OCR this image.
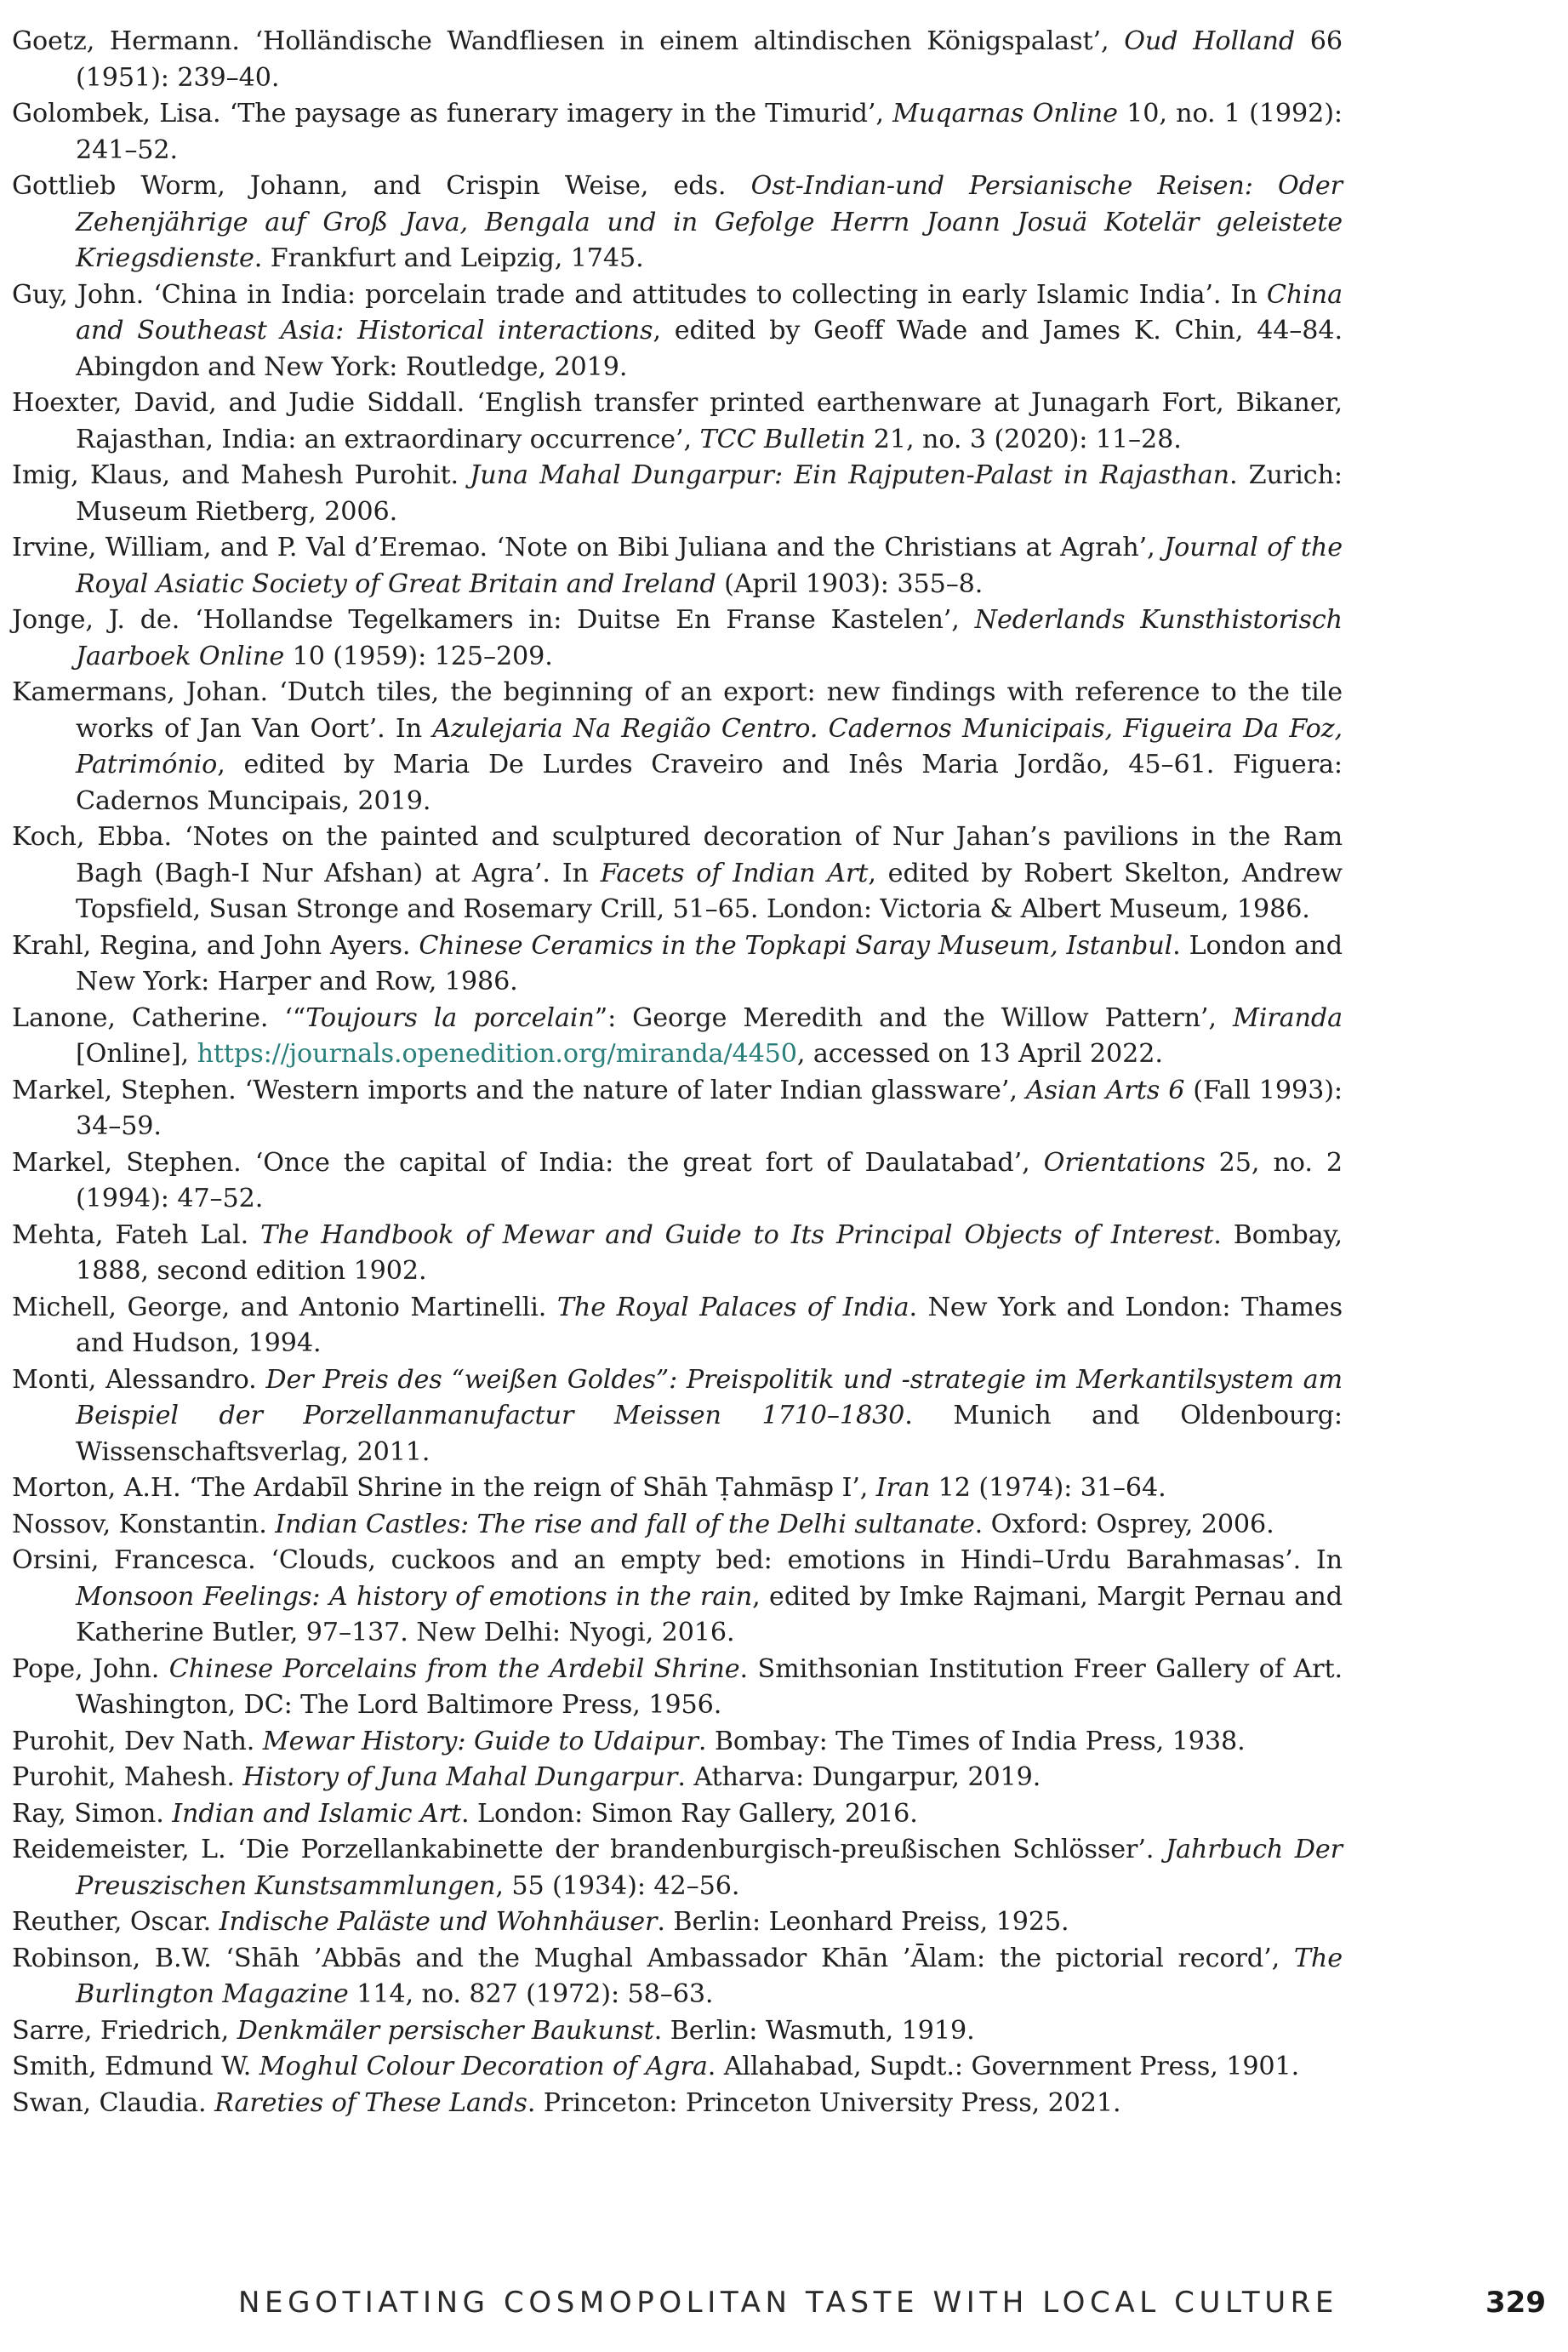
Goetz, Hermann. ‘Holländische Wandfliesen in einem altindischen Königspalast’, Oud Holland 66 (1951): 239–40.

Golombek, Lisa. ‘The paysage as funerary imagery in the Timurid’, Muqarnas Online 10, no. 1 (1992): 241–52.

Gottlieb Worm, Johann, and Crispin Weise, eds. Ost-Indian-und Persianische Reisen: Oder Zehenjährige auf Groß Java, Bengala und in Gefolge Herrn Joann Josuä Kotelär geleistete Kriegsdienste. Frankfurt and Leipzig, 1745.

Guy, John. ‘China in India: porcelain trade and attitudes to collecting in early Islamic India’. In China and Southeast Asia: Historical interactions, edited by Geoff Wade and James K. Chin, 44–84. Abingdon and New York: Routledge, 2019.

Hoexter, David, and Judie Siddall. ‘English transfer printed earthenware at Junagarh Fort, Bikaner, Rajasthan, India: an extraordinary occurrence’, TCC Bulletin 21, no. 3 (2020): 11–28.

Imig, Klaus, and Mahesh Purohit. Juna Mahal Dungarpur: Ein Rajputen-Palast in Rajasthan. Zurich: Museum Rietberg, 2006.

Irvine, William, and P. Val d’Eremao. ‘Note on Bibi Juliana and the Christians at Agrah’, Journal of the Royal Asiatic Society of Great Britain and Ireland (April 1903): 355–8.

Jonge, J. de. ‘Hollandse Tegelkamers in: Duitse En Franse Kastelen’, Nederlands Kunsthistorisch Jaarboek Online 10 (1959): 125–209.

Kamermans, Johan. ‘Dutch tiles, the beginning of an export: new findings with reference to the tile works of Jan Van Oort’. In Azulejaria Na Região Centro. Cadernos Municipais, Figueira Da Foz, Património, edited by Maria De Lurdes Craveiro and Inês Maria Jordão, 45–61. Figuera: Cadernos Muncipais, 2019.

Koch, Ebba. ‘Notes on the painted and sculptured decoration of Nur Jahan’s pavilions in the Ram Bagh (Bagh-I Nur Afshan) at Agra’. In Facets of Indian Art, edited by Robert Skelton, Andrew Topsfield, Susan Stronge and Rosemary Crill, 51–65. London: Victoria & Albert Museum, 1986.

Krahl, Regina, and John Ayers. Chinese Ceramics in the Topkapi Saray Museum, Istanbul. London and New York: Harper and Row, 1986.

Lanone, Catherine. ‘“Toujours la porcelain”: George Meredith and the Willow Pattern’, Miranda [Online], https://journals.openedition.org/miranda/4450, accessed on 13 April 2022.

Markel, Stephen. ‘Western imports and the nature of later Indian glassware’, Asian Arts 6 (Fall 1993): 34–59.

Markel, Stephen. ‘Once the capital of India: the great fort of Daulatabad’, Orientations 25, no. 2 (1994): 47–52.

Mehta, Fateh Lal. The Handbook of Mewar and Guide to Its Principal Objects of Interest. Bombay, 1888, second edition 1902.

Michell, George, and Antonio Martinelli. The Royal Palaces of India. New York and London: Thames and Hudson, 1994.

Monti, Alessandro. Der Preis des “weißen Goldes”: Preispolitik und -strategie im Merkantilsystem am Beispiel der Porzellanmanufactur Meissen 1710–1830. Munich and Oldenbourg: Wissenschaftsverlag, 2011.

Morton, A.H. ‘The Ardabīl Shrine in the reign of Shāh Ṭahmāsp I’, Iran 12 (1974): 31–64.

Nossov, Konstantin. Indian Castles: The rise and fall of the Delhi sultanate. Oxford: Osprey, 2006.

Orsini, Francesca. ‘Clouds, cuckoos and an empty bed: emotions in Hindi–Urdu Barahmasas’. In Monsoon Feelings: A history of emotions in the rain, edited by Imke Rajmani, Margit Pernau and Katherine Butler, 97–137. New Delhi: Nyogi, 2016.

Pope, John. Chinese Porcelains from the Ardebil Shrine. Smithsonian Institution Freer Gallery of Art. Washington, DC: The Lord Baltimore Press, 1956.

Purohit, Dev Nath. Mewar History: Guide to Udaipur. Bombay: The Times of India Press, 1938.

Purohit, Mahesh. History of Juna Mahal Dungarpur. Atharva: Dungarpur, 2019.

Ray, Simon. Indian and Islamic Art. London: Simon Ray Gallery, 2016.

Reidemeister, L. ‘Die Porzellankabinette der brandenburgisch-preußischen Schlösser’. Jahrbuch Der Preuszischen Kunstsammlungen, 55 (1934): 42–56.

Reuther, Oscar. Indische Paläste und Wohnhäuser. Berlin: Leonhard Preiss, 1925.

Robinson, B.W. ‘Shāh ’Abbās and the Mughal Ambassador Khān ’Ālam: the pictorial record’, The Burlington Magazine 114, no. 827 (1972): 58–63.

Sarre, Friedrich, Denkmäler persischer Baukunst. Berlin: Wasmuth, 1919.

Smith, Edmund W. Moghul Colour Decoration of Agra. Allahabad, Supdt.: Government Press, 1901.

Swan, Claudia. Rareties of These Lands. Princeton: Princeton University Press, 2021.

NEGOTIATING COSMOPOLITAN TASTE WITH LOCAL CULTURE	329
